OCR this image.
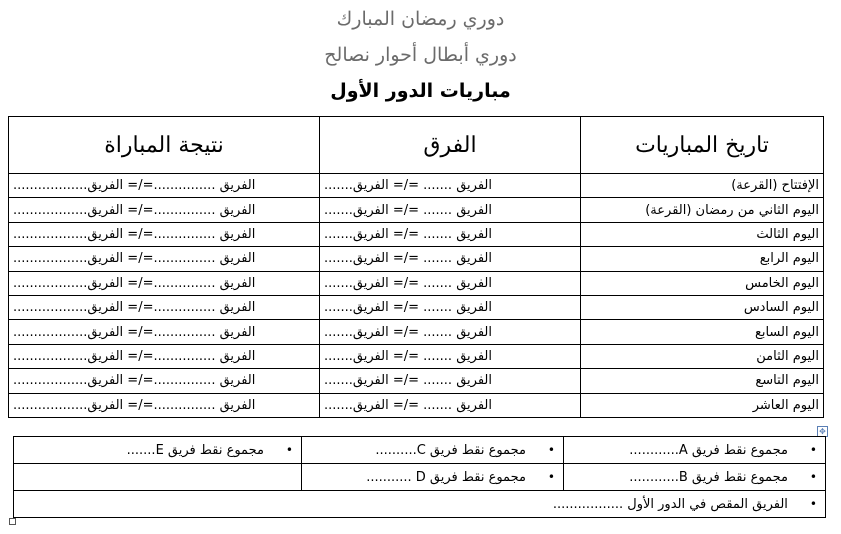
دوري رمضان المبارك
دوري أبطال أحوار نصالح
مباريات الدور الأول
تاريخ المباريات	الفرق	نتيجة المباراة
الإفتتاح (القرعة)	الفريق ....... =/= الفريق.......	الفريق ...............=/= الفريق..................
اليوم الثاني من رمضان (القرعة)	الفريق ....... =/= الفريق.......	الفريق ...............=/= الفريق..................
اليوم الثالث	الفريق ....... =/= الفريق.......	الفريق ...............=/= الفريق..................
اليوم الرابع	الفريق ....... =/= الفريق.......	الفريق ...............=/= الفريق..................
اليوم الخامس	الفريق ....... =/= الفريق.......	الفريق ...............=/= الفريق..................
اليوم السادس	الفريق ....... =/= الفريق.......	الفريق ...............=/= الفريق..................
اليوم السابع	الفريق ....... =/= الفريق.......	الفريق ...............=/= الفريق..................
اليوم الثامن	الفريق ....... =/= الفريق.......	الفريق ...............=/= الفريق..................
اليوم التاسع	الفريق ....... =/= الفريق.......	الفريق ...............=/= الفريق..................
اليوم العاشر	الفريق ....... =/= الفريق.......	الفريق ...............=/= الفريق..................
✥
•مجموع نقط فريق A............	•مجموع نقط فريق C..........	•مجموع نقط فريق E.......
•مجموع نقط فريق B............	•مجموع نقط فريق D ...........	
•الفريق المقص في الدور الأول .................		
